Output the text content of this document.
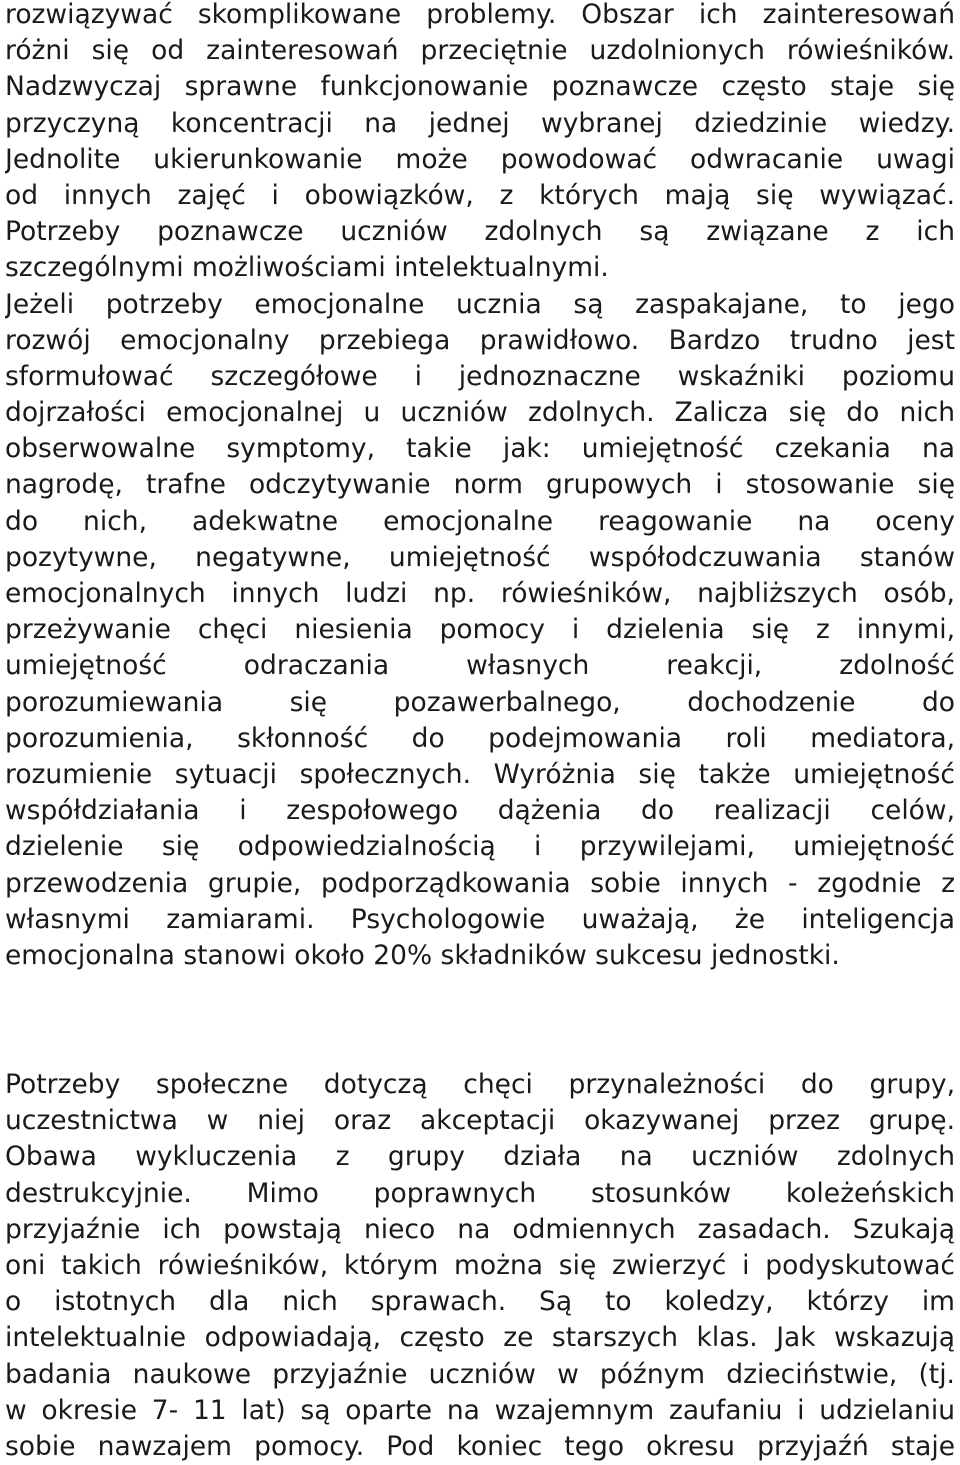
rozwiązywać skomplikowane problemy. Obszar ich zainteresowań
różni się od zainteresowań przeciętnie uzdolnionych rówieśników.
Nadzwyczaj sprawne funkcjonowanie poznawcze często staje się
przyczyną koncentracji na jednej wybranej dziedzinie wiedzy.
Jednolite ukierunkowanie może powodować odwracanie uwagi
od innych zajęć i obowiązków, z których mają się wywiązać.
Potrzeby poznawcze uczniów zdolnych są związane z ich
szczególnymi możliwościami intelektualnymi.
Jeżeli potrzeby emocjonalne ucznia są zaspakajane, to jego
rozwój emocjonalny przebiega prawidłowo. Bardzo trudno jest
sformułować szczegółowe i jednoznaczne wskaźniki poziomu
dojrzałości emocjonalnej u uczniów zdolnych. Zalicza się do nich
obserwowalne symptomy, takie jak: umiejętność czekania na
nagrodę, trafne odczytywanie norm grupowych i stosowanie się
do nich, adekwatne emocjonalne reagowanie na oceny
pozytywne, negatywne, umiejętność współodczuwania stanów
emocjonalnych innych ludzi np. rówieśników, najbliższych osób,
przeżywanie chęci niesienia pomocy i dzielenia się z innymi,
umiejętność odraczania własnych reakcji, zdolność
porozumiewania się pozawerbalnego, dochodzenie do
porozumienia, skłonność do podejmowania roli mediatora,
rozumienie sytuacji społecznych. Wyróżnia się także umiejętność
współdziałania i zespołowego dążenia do realizacji celów,
dzielenie się odpowiedzialnością i przywilejami, umiejętność
przewodzenia grupie, podporządkowania sobie innych - zgodnie z
własnymi zamiarami. Psychologowie uważają, że inteligencja
emocjonalna stanowi około 20% składników sukcesu jednostki.
Potrzeby społeczne dotyczą chęci przynależności do grupy,
uczestnictwa w niej oraz akceptacji okazywanej przez grupę.
Obawa wykluczenia z grupy działa na uczniów zdolnych
destrukcyjnie. Mimo poprawnych stosunków koleżeńskich
przyjaźnie ich powstają nieco na odmiennych zasadach. Szukają
oni takich rówieśników, którym można się zwierzyć i podyskutować
o istotnych dla nich sprawach. Są to koledzy, którzy im
intelektualnie odpowiadają, często ze starszych klas. Jak wskazują
badania naukowe przyjaźnie uczniów w późnym dzieciństwie, (tj.
w okresie 7- 11 lat) są oparte na wzajemnym zaufaniu i udzielaniu
sobie nawzajem pomocy. Pod koniec tego okresu przyjaźń staje
